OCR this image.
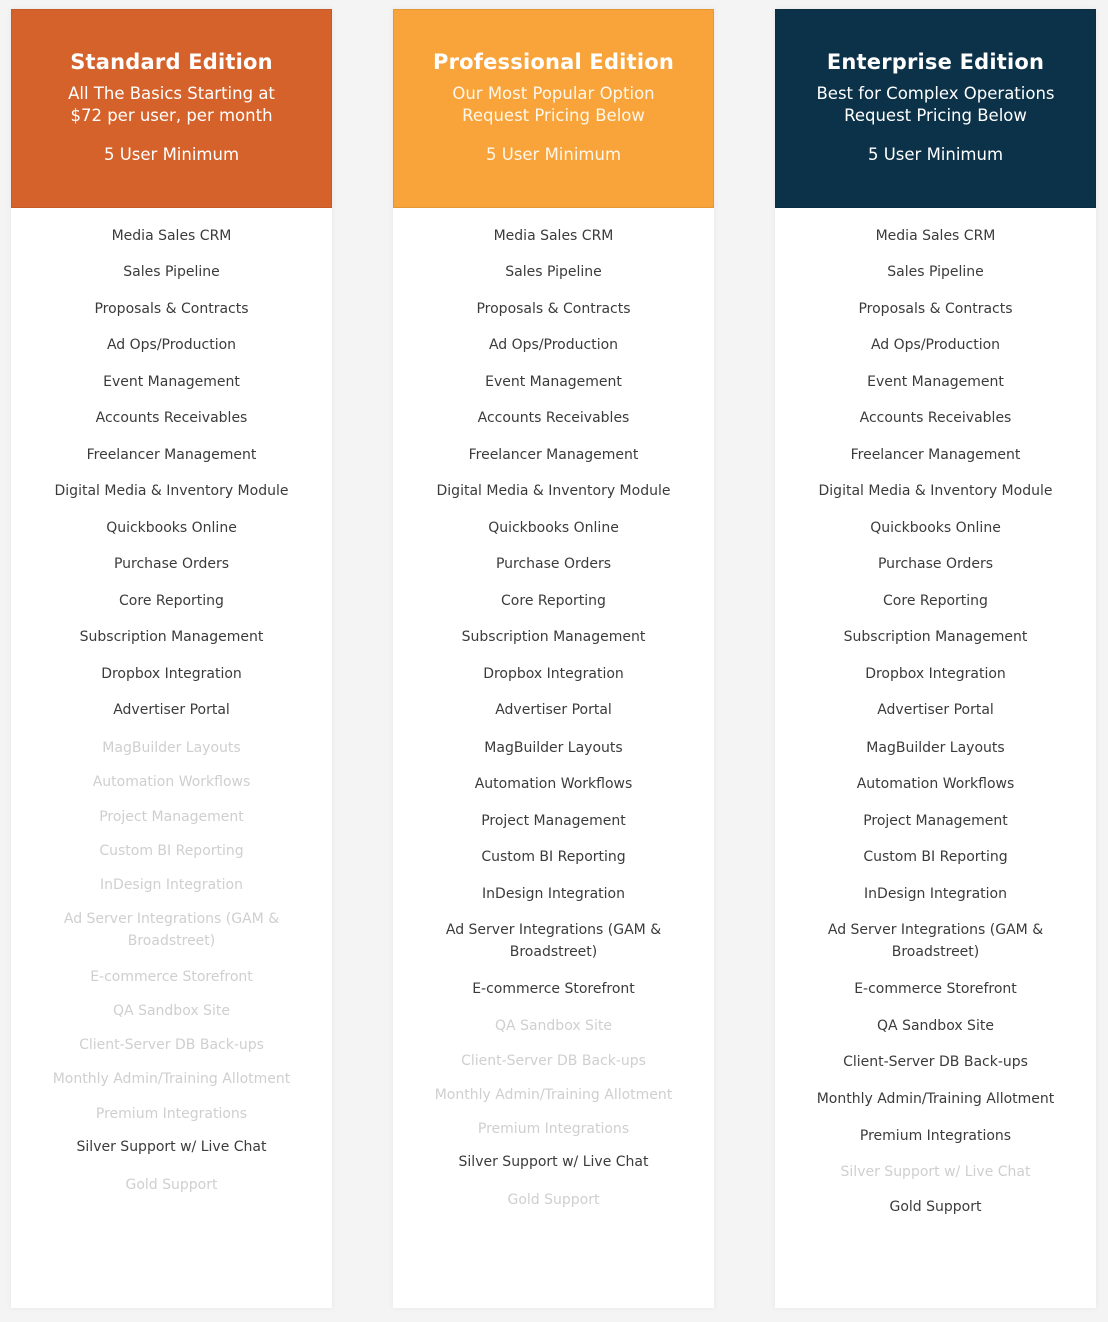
Standard Edition
All The Basics Starting at
$72 per user, per month
5 User Minimum
Media Sales CRM
Sales Pipeline
Proposals & Contracts
Ad Ops/Production
Event Management
Accounts Receivables
Freelancer Management
Digital Media & Inventory Module
Quickbooks Online
Purchase Orders
Core Reporting
Subscription Management
Dropbox Integration
Advertiser Portal
MagBuilder Layouts
Automation Workflows
Project Management
Custom BI Reporting
InDesign Integration
Ad Server Integrations (GAM & Broadstreet)
E-commerce Storefront
QA Sandbox Site
Client-Server DB Back-ups
Monthly Admin/Training Allotment
Premium Integrations
Silver Support w/ Live Chat
Gold Support
Professional Edition
Our Most Popular Option
Request Pricing Below
5 User Minimum
Media Sales CRM
Sales Pipeline
Proposals & Contracts
Ad Ops/Production
Event Management
Accounts Receivables
Freelancer Management
Digital Media & Inventory Module
Quickbooks Online
Purchase Orders
Core Reporting
Subscription Management
Dropbox Integration
Advertiser Portal
MagBuilder Layouts
Automation Workflows
Project Management
Custom BI Reporting
InDesign Integration
Ad Server Integrations (GAM & Broadstreet)
E-commerce Storefront
QA Sandbox Site
Client-Server DB Back-ups
Monthly Admin/Training Allotment
Premium Integrations
Silver Support w/ Live Chat
Gold Support
Enterprise Edition
Best for Complex Operations
Request Pricing Below
5 User Minimum
Media Sales CRM
Sales Pipeline
Proposals & Contracts
Ad Ops/Production
Event Management
Accounts Receivables
Freelancer Management
Digital Media & Inventory Module
Quickbooks Online
Purchase Orders
Core Reporting
Subscription Management
Dropbox Integration
Advertiser Portal
MagBuilder Layouts
Automation Workflows
Project Management
Custom BI Reporting
InDesign Integration
Ad Server Integrations (GAM & Broadstreet)
E-commerce Storefront
QA Sandbox Site
Client-Server DB Back-ups
Monthly Admin/Training Allotment
Premium Integrations
Silver Support w/ Live Chat
Gold Support
